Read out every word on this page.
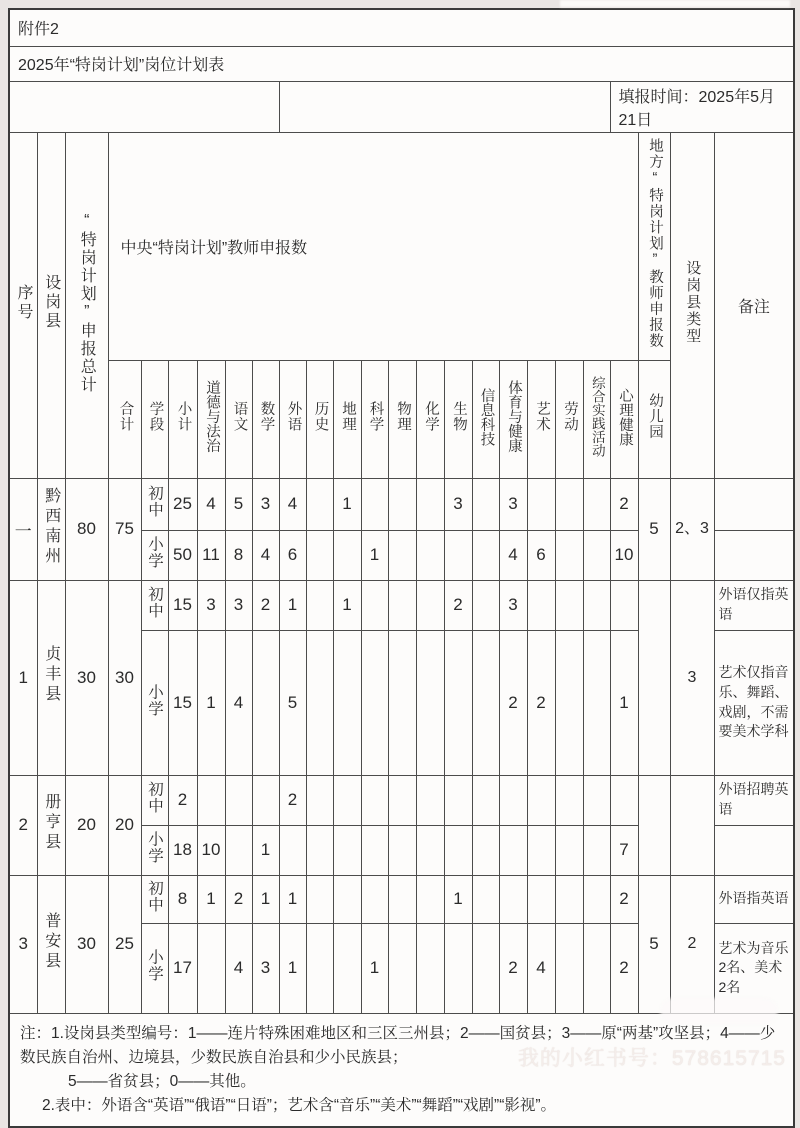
附件2																								
2025年“特岗计划”岗位计划表																								
																					填报时间：2025年5月21日			
序号	设岗县	“特岗计划”申报总计	中央“特岗计划”教师申报数																			地方“特岗计划”教师申报数	设岗县类型	备注
			合计	学段	小计	道德与法治	语文	数学	外语	历史	地理	科学	物理	化学	生物	信息科技	体育与健康	艺术	劳动	综合实践活动	心理健康	幼儿园		
一	黔西南州	80	75	初中	25	4	5	3	4		1				3		3				2	5	2、3	
				小学	50	11	8	4	6			1					4	6			10			
1	贞丰县	30	30	初中	15	3	3	2	1		1				2		3						3	外语仅指英语
				小学	15	1	4		5								2	2			1			艺术仅指音乐、舞蹈、戏剧，不需要美术学科
2	册亨县	20	20	初中	2				2															外语招聘英语
				小学	18	10		1													7			
3	普安县	30	25	初中	8	1	2	1	1						1						2	5	2	外语指英语
				小学	17		4	3	1			1					2	4			2			艺术为音乐2名、美术2名

注：1.设岗县类型编号：1——连片特殊困难地区和三区三州县；2——国贫县；3——原“两基”攻坚县；4——少数民族自治州、边境县，少数民族自治县和少小民族县；
5——省贫县；0——其他。
2.表中：外语含“英语”“俄语”“日语”；艺术含“音乐”“美术”“舞蹈”“戏剧”“影视”。																								
我的小红书号：578615715
